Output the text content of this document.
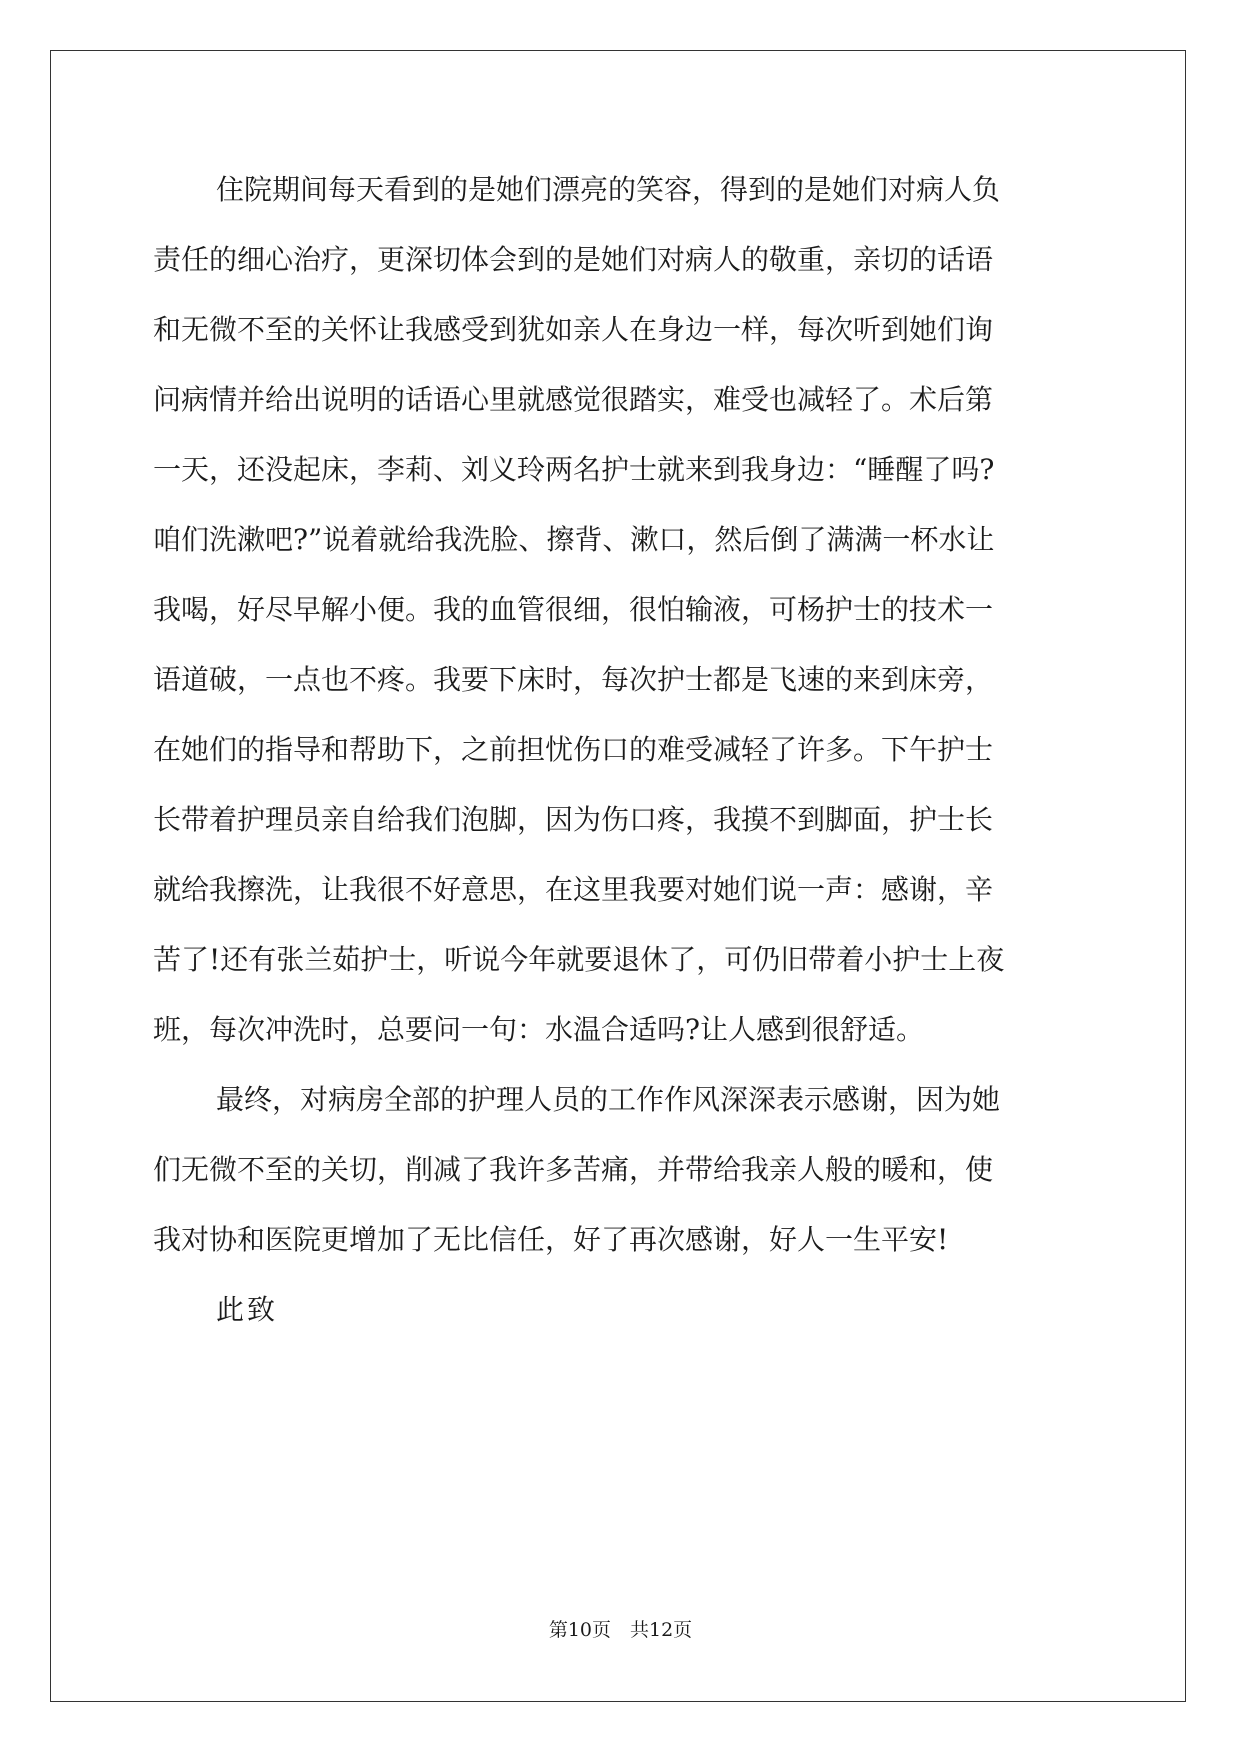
住院期间每天看到的是她们漂亮的笑容，得到的是她们对病人负
责任的细心治疗，更深切体会到的是她们对病人的敬重，亲切的话语
和无微不至的关怀让我感受到犹如亲人在身边一样，每次听到她们询
问病情并给出说明的话语心里就感觉很踏实，难受也减轻了。术后第
一天，还没起床，李莉、刘义玲两名护士就来到我身边：“睡醒了吗?
咱们洗漱吧?”说着就给我洗脸、擦背、漱口，然后倒了满满一杯水让
我喝，好尽早解小便。我的血管很细，很怕输液，可杨护士的技术一
语道破，一点也不疼。我要下床时，每次护士都是飞速的来到床旁，
在她们的指导和帮助下，之前担忧伤口的难受减轻了许多。下午护士
长带着护理员亲自给我们泡脚，因为伤口疼，我摸不到脚面，护士长
就给我擦洗，让我很不好意思，在这里我要对她们说一声：感谢，辛
苦了!还有张兰茹护士，听说今年就要退休了，可仍旧带着小护士上夜
班，每次冲洗时，总要问一句：水温合适吗?让人感到很舒适。
最终，对病房全部的护理人员的工作作风深深表示感谢，因为她
们无微不至的关切，削减了我许多苦痛，并带给我亲人般的暖和，使
我对协和医院更增加了无比信任，好了再次感谢，好人一生平安!
此致
第10页　共12页
